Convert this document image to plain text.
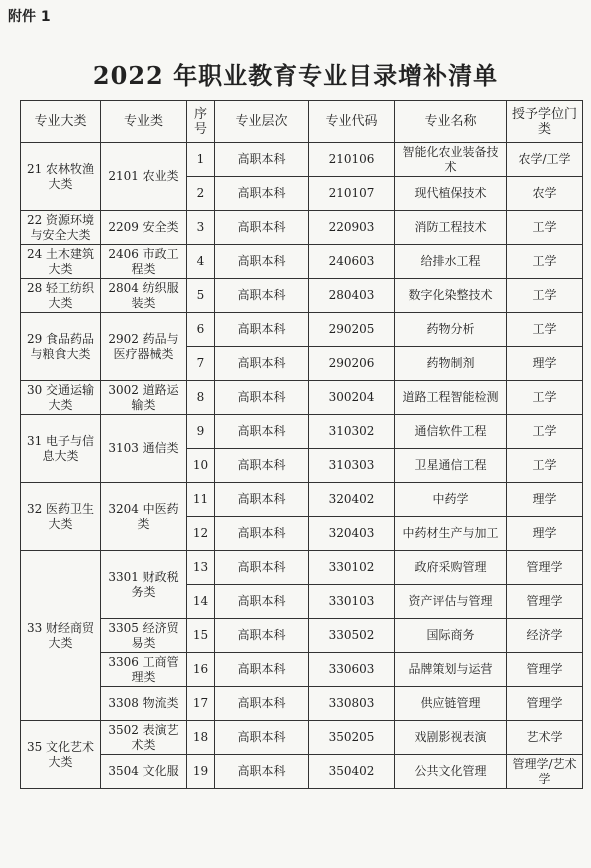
附件 1
2022 年职业教育专业目录增补清单
专业大类	专业类	序号	专业层次	专业代码	专业名称	授予学位门类
21 农林牧渔大类	2101 农业类	1	高职本科	210106	智能化农业装备技术	农学/工学
		2	高职本科	210107	现代植保技术	农学
22 资源环境与安全大类	2209 安全类	3	高职本科	220903	消防工程技术	工学
24 土木建筑大类	2406 市政工程类	4	高职本科	240603	给排水工程	工学
28 轻工纺织大类	2804 纺织服装类	5	高职本科	280403	数字化染整技术	工学
29 食品药品与粮食大类	2902 药品与医疗器械类	6	高职本科	290205	药物分析	工学
		7	高职本科	290206	药物制剂	理学
30 交通运输大类	3002 道路运输类	8	高职本科	300204	道路工程智能检测	工学
31 电子与信息大类	3103 通信类	9	高职本科	310302	通信软件工程	工学
		10	高职本科	310303	卫星通信工程	工学
32 医药卫生大类	3204 中医药类	11	高职本科	320402	中药学	理学
		12	高职本科	320403	中药材生产与加工	理学
33 财经商贸大类	3301 财政税务类	13	高职本科	330102	政府采购管理	管理学
		14	高职本科	330103	资产评估与管理	管理学
	3305 经济贸易类	15	高职本科	330502	国际商务	经济学
	3306 工商管理类	16	高职本科	330603	品牌策划与运营	管理学
	3308 物流类	17	高职本科	330803	供应链管理	管理学
35 文化艺术大类	3502 表演艺术类	18	高职本科	350205	戏剧影视表演	艺术学
	3504 文化服	19	高职本科	350402	公共文化管理	管理学/艺术学
